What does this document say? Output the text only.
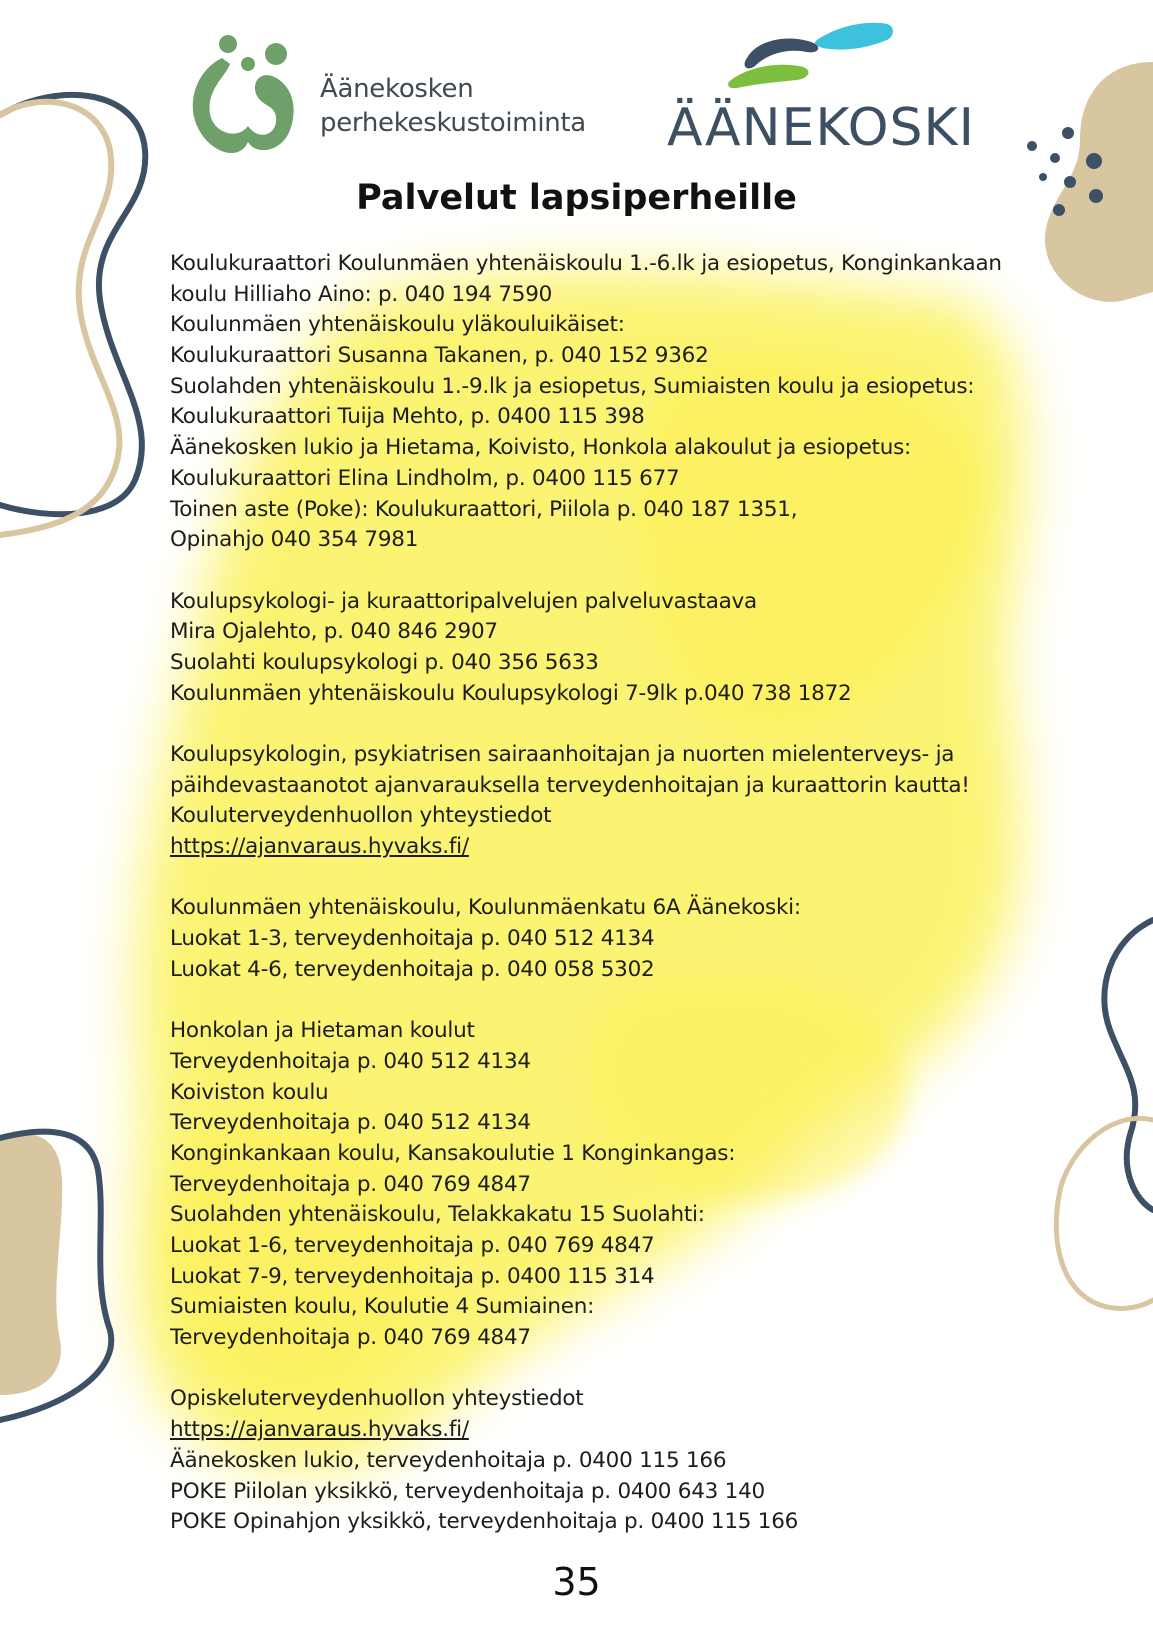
Äänekosken
perhekeskustoiminta ÄÄNEKOSKI
Palvelut lapsiperheille
Koulukuraattori Koulunmäen yhtenäiskoulu 1.-6.lk ja esiopetus, Konginkankaan
koulu Hilliaho Aino: p. 040 194 7590
Koulunmäen yhtenäiskoulu yläkouluikäiset:
Koulukuraattori Susanna Takanen, p. 040 152 9362
Suolahden yhtenäiskoulu 1.-9.lk ja esiopetus, Sumiaisten koulu ja esiopetus:
Koulukuraattori Tuija Mehto, p. 0400 115 398
Äänekosken lukio ja Hietama, Koivisto, Honkola alakoulut ja esiopetus:
Koulukuraattori Elina Lindholm, p. 0400 115 677
Toinen aste (Poke): Koulukuraattori, Piilola p. 040 187 1351,
Opinahjo 040 354 7981
Koulupsykologi- ja kuraattoripalvelujen palveluvastaava
Mira Ojalehto, p. 040 846 2907
Suolahti koulupsykologi p. 040 356 5633
Koulunmäen yhtenäiskoulu Koulupsykologi 7-9lk p.040 738 1872
Koulupsykologin, psykiatrisen sairaanhoitajan ja nuorten mielenterveys- ja
päihdevastaanotot ajanvarauksella terveydenhoitajan ja kuraattorin kautta!
Kouluterveydenhuollon yhteystiedot
https://ajanvaraus.hyvaks.fi/
Koulunmäen yhtenäiskoulu, Koulunmäenkatu 6A Äänekoski:
Luokat 1-3, terveydenhoitaja p. 040 512 4134
Luokat 4-6, terveydenhoitaja p. 040 058 5302
Honkolan ja Hietaman koulut
Terveydenhoitaja p. 040 512 4134
Koiviston koulu
Terveydenhoitaja p. 040 512 4134
Konginkankaan koulu, Kansakoulutie 1 Konginkangas:
Terveydenhoitaja p. 040 769 4847
Suolahden yhtenäiskoulu, Telakkakatu 15 Suolahti:
Luokat 1-6, terveydenhoitaja p. 040 769 4847
Luokat 7-9, terveydenhoitaja p. 0400 115 314
Sumiaisten koulu, Koulutie 4 Sumiainen:
Terveydenhoitaja p. 040 769 4847
Opiskeluterveydenhuollon yhteystiedot
https://ajanvaraus.hyvaks.fi/
Äänekosken lukio, terveydenhoitaja p. 0400 115 166
POKE Piilolan yksikkö, terveydenhoitaja p. 0400 643 140
POKE Opinahjon yksikkö, terveydenhoitaja p. 0400 115 166
35
